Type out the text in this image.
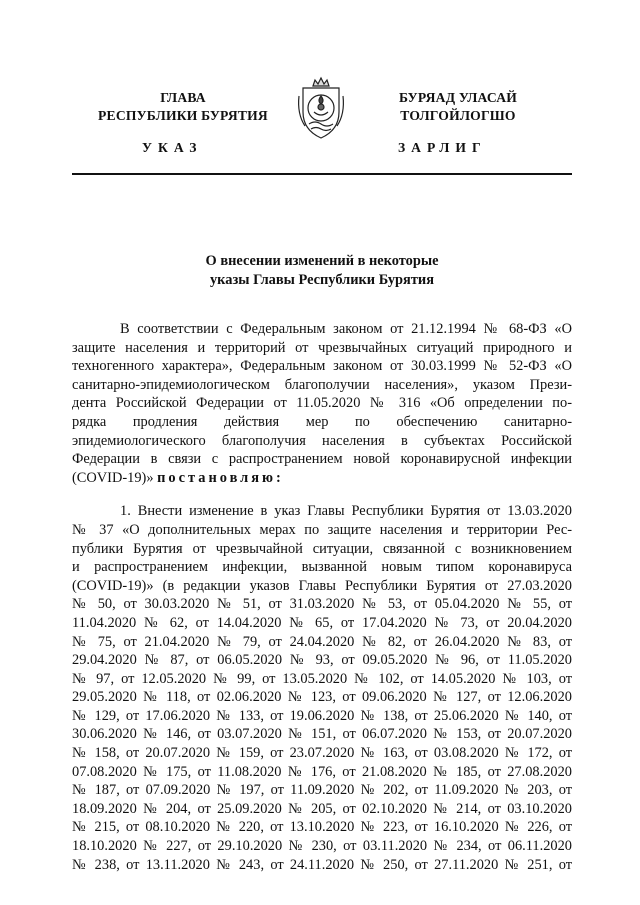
ГЛАВА
РЕСПУБЛИКИ БУРЯТИЯ
БУРЯАД УЛАСАЙ
ТОЛГОЙЛОГШО
УКАЗ	ЗАРЛИГ
О внесении изменений в некоторые
указы Главы Республики Бурятия
В соответствии с Федеральным законом от 21.12.1994 № 68-ФЗ «О
защите населения и территорий от чрезвычайных ситуаций природного и
техногенного характера», Федеральным законом от 30.03.1999 № 52-ФЗ «О
санитарно-эпидемиологическом благополучии населения», указом Прези-
дента Российской Федерации от 11.05.2020 № 316 «Об определении по-
рядка продления действия мер по обеспечению санитарно-
эпидемиологического благополучия населения в субъектах Российской
Федерации в связи с распространением новой коронавирусной инфекции
(COVID-19)» постановляю:
1. Внести изменение в указ Главы Республики Бурятия от 13.03.2020
№ 37 «О дополнительных мерах по защите населения и территории Рес-
публики Бурятия от чрезвычайной ситуации, связанной с возникновением
и распространением инфекции, вызванной новым типом коронавируса
(COVID-19)» (в редакции указов Главы Республики Бурятия от 27.03.2020
№ 50, от 30.03.2020 № 51, от 31.03.2020 № 53, от 05.04.2020 № 55, от
11.04.2020 № 62, от 14.04.2020 № 65, от 17.04.2020 № 73, от 20.04.2020
№ 75, от 21.04.2020 № 79, от 24.04.2020 № 82, от 26.04.2020 № 83, от
29.04.2020 № 87, от 06.05.2020 № 93, от 09.05.2020 № 96, от 11.05.2020
№ 97, от 12.05.2020 № 99, от 13.05.2020 № 102, от 14.05.2020 № 103, от
29.05.2020 № 118, от 02.06.2020 № 123, от 09.06.2020 № 127, от 12.06.2020
№ 129, от 17.06.2020 № 133, от 19.06.2020 № 138, от 25.06.2020 № 140, от
30.06.2020 № 146, от 03.07.2020 № 151, от 06.07.2020 № 153, от 20.07.2020
№ 158, от 20.07.2020 № 159, от 23.07.2020 № 163, от 03.08.2020 № 172, от
07.08.2020 № 175, от 11.08.2020 № 176, от 21.08.2020 № 185, от 27.08.2020
№ 187, от 07.09.2020 № 197, от 11.09.2020 № 202, от 11.09.2020 № 203, от
18.09.2020 № 204, от 25.09.2020 № 205, от 02.10.2020 № 214, от 03.10.2020
№ 215, от 08.10.2020 № 220, от 13.10.2020 № 223, от 16.10.2020 № 226, от
18.10.2020 № 227, от 29.10.2020 № 230, от 03.11.2020 № 234, от 06.11.2020
№ 238, от 13.11.2020 № 243, от 24.11.2020 № 250, от 27.11.2020 № 251, от
